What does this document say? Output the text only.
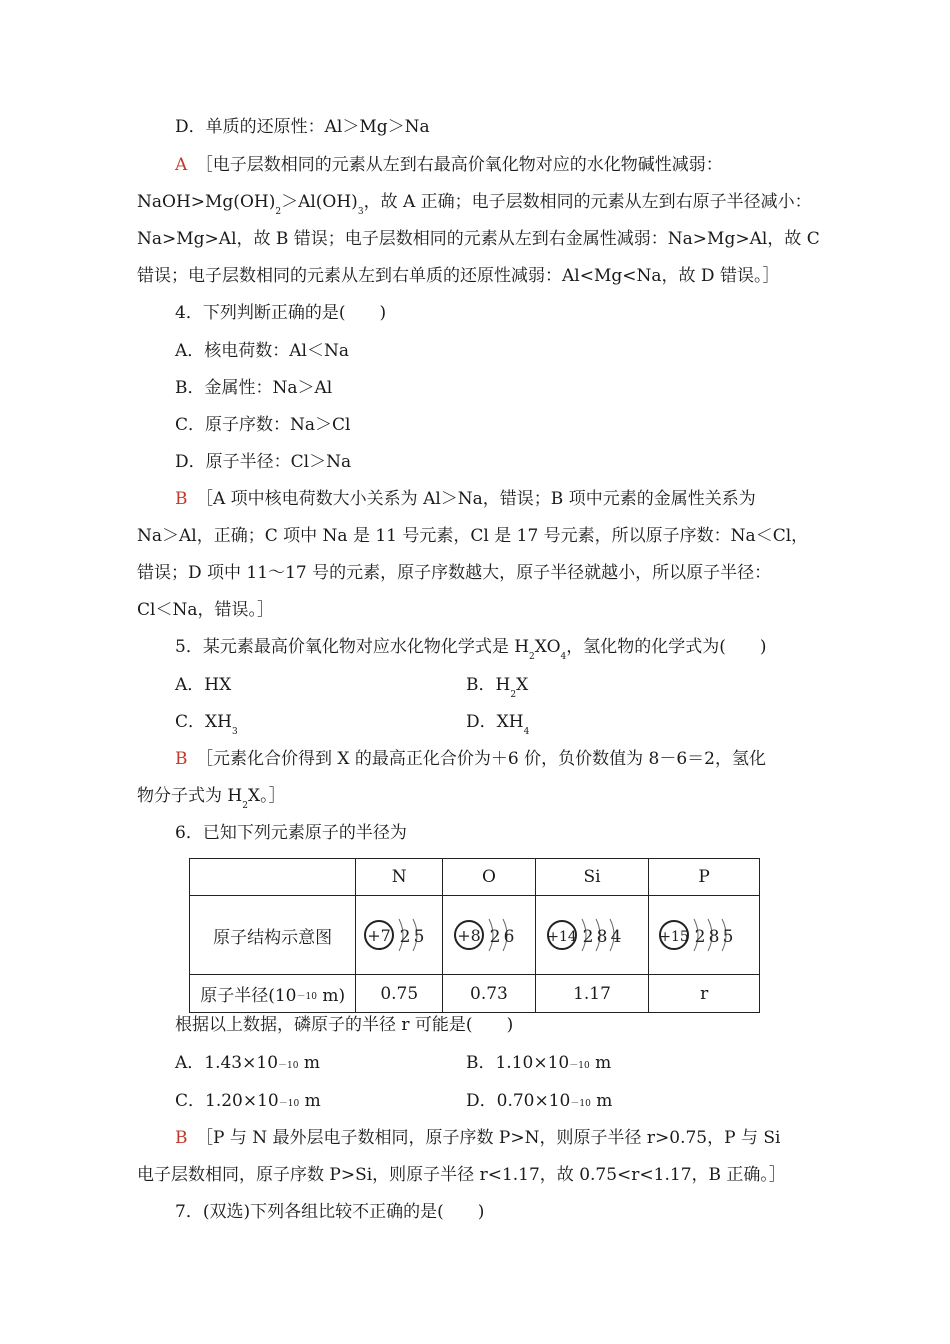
D．单质的还原性：Al＞Mg＞Na
A　 ［电子层数相同的元素从左到右最高价氧化物对应的水化物碱性减弱：
$NaOH>Mg(OH)_2>Al(OH)_3$，故 A 正确；电子层数相同的元素从左到右原子半径减小：
Na>Mg>Al，故 B 错误；电子层数相同的元素从左到右金属性减弱：Na>Mg>Al，故 C
错误；电子层数相同的元素从左到右单质的还原性减弱：Al<Mg<Na，故 D 错误。］
4．下列判断正确的是(　　)
A．核电荷数：Al＜Na
B．金属性：Na＞Al
C．原子序数：Na＞Cl
D．原子半径：Cl＞Na
B　 ［A 项中核电荷数大小关系为 Al＞Na，错误；B 项中元素的金属性关系为
Na＞Al，正确；C 项中 Na 是 11 号元素，Cl 是 17 号元素，所以原子序数：Na＜Cl，
错误；D 项中 11～17 号的元素，原子序数越大，原子半径就越小，所以原子半径：
Cl＜Na，错误。］
5．某元素最高价氧化物对应水化物化学式是 $H_2XO_4$，氢化物的化学式为(　　)
A．HX	B．$H_2X$
C．$XH_3$	D．$XH_4$
B　 ［元素化合价得到 X 的最高正化合价为＋6 价，负价数值为 8－6＝2，氢化
物分子式为 $H_2X$。］
6．已知下列元素原子的半径为
	N	O	Si	P
原子结构示意图	+7 2 5	+8 2 6	+14 2 8 4	+15 2 8 5

原子半径(10－10 m)	0.75	0.73	1.17	r
根据以上数据，磷原子的半径 r 可能是(　　)
A．1.43×10－10 m	B．1.10×10－10 m
C．1.20×10－10 m	D．0.70×10－10 m
B　 ［P 与 N 最外层电子数相同，原子序数 P>N，则原子半径 r>0.75，P 与 Si
电子层数相同，原子序数 P>Si，则原子半径 r<1.17，故 0.75<r<1.17，B 正确。］
7．(双选)下列各组比较不正确的是(　　)
